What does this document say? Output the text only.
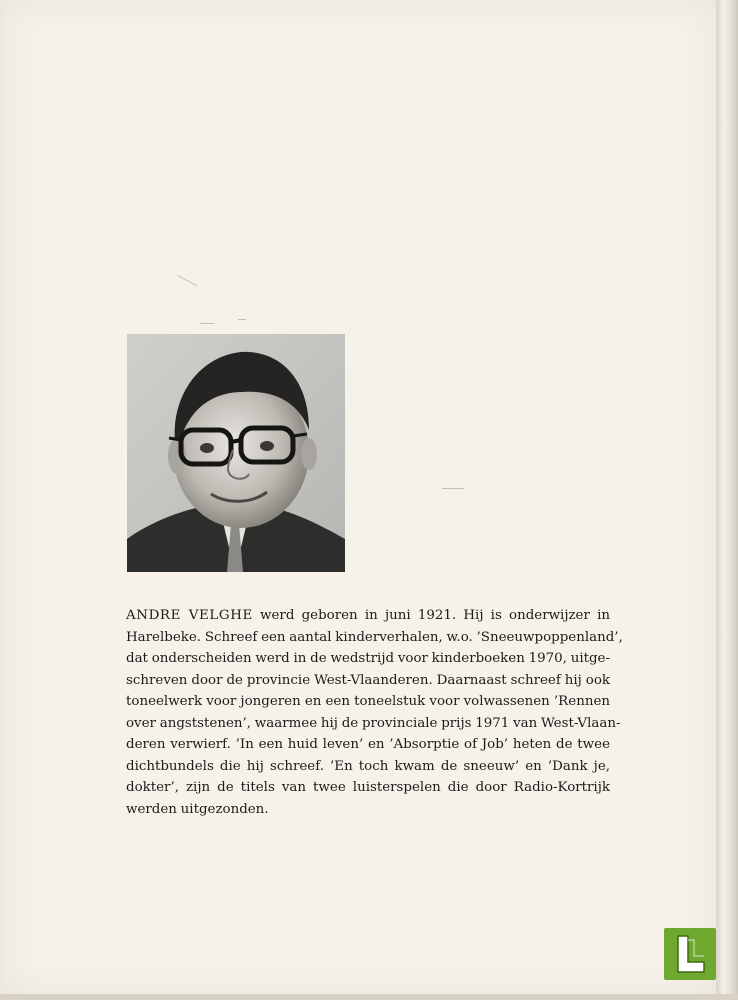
ANDRE VELGHE werd geboren in juni 1921. Hij is onderwijzer in
Harelbeke. Schreef een aantal kinderverhalen, w.o. ’Sneeuwpoppenland’,
dat onderscheiden werd in de wedstrijd voor kinderboeken 1970, uitge-
schreven door de provincie West-Vlaanderen. Daarnaast schreef hij ook
toneelwerk voor jongeren en een toneelstuk voor volwassenen ’Rennen
over angststenen’, waarmee hij de provinciale prijs 1971 van West-Vlaan-
deren verwierf. ’In een huid leven’ en ’Absorptie of Job’ heten de twee
dichtbundels die hij schreef. ’En toch kwam de sneeuw’ en ’Dank je,
dokter’, zijn de titels van twee luisterspelen die door Radio-Kortrijk
werden uitgezonden.
